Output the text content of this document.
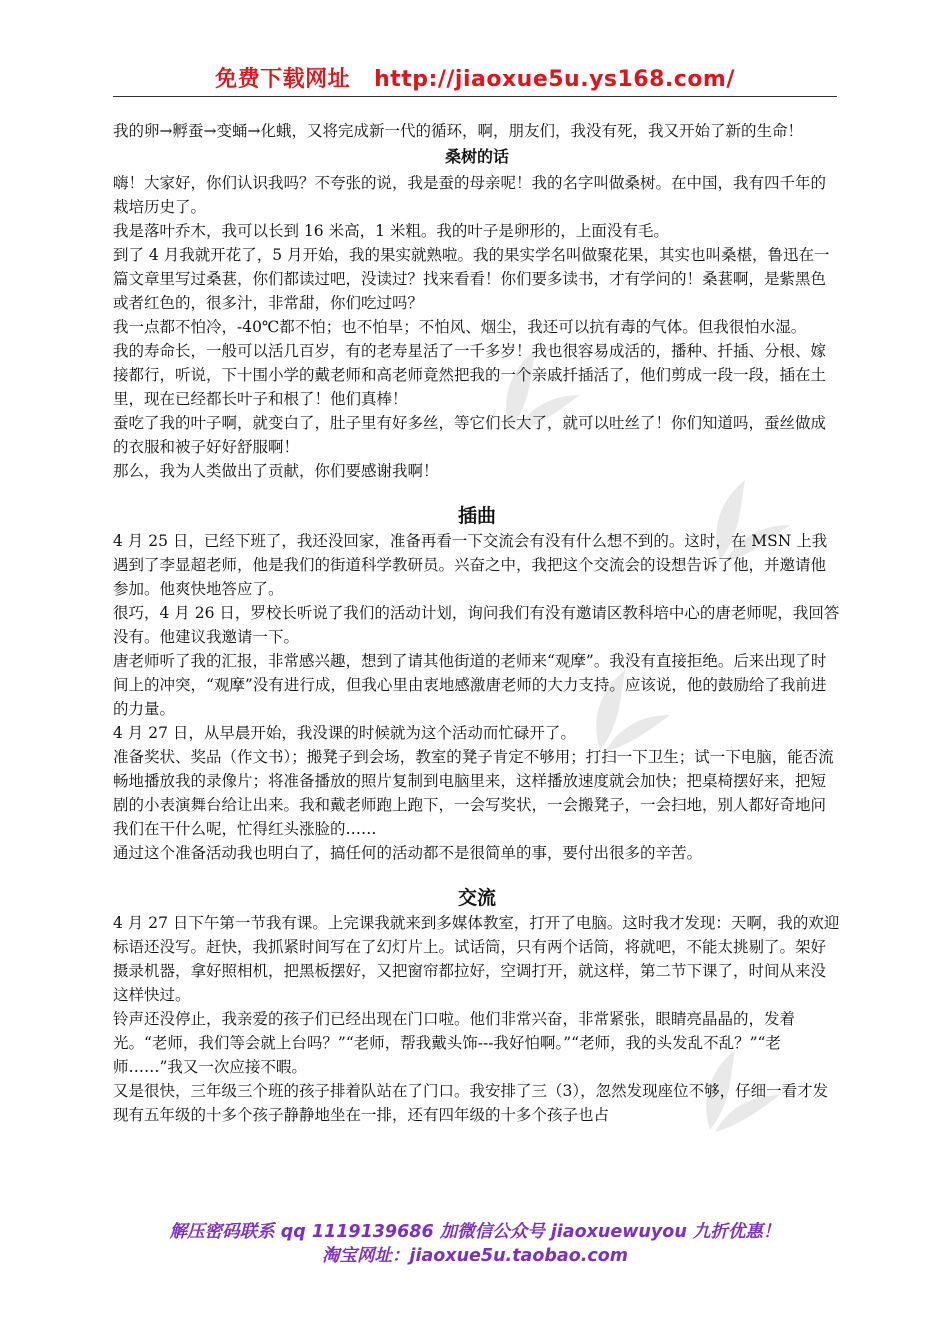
免费下载网址 http://jiaoxue5u.ys168.com/

我的卵→孵蚕→变蛹→化蛾，又将完成新一代的循环，啊，朋友们，我没有死，我又开始了新的生命！

桑树的话

嗨！大家好，你们认识我吗？不夸张的说，我是蚕的母亲呢！我的名字叫做桑树。在中国，我有四千年的栽培历史了。

我是落叶乔木，我可以长到 16 米高，1 米粗。我的叶子是卵形的，上面没有毛。

到了 4 月我就开花了，5 月开始，我的果实就熟啦。我的果实学名叫做聚花果，其实也叫桑椹，鲁迅在一篇文章里写过桑葚，你们都读过吧，没读过？找来看看！你们要多读书，才有学问的！桑葚啊，是紫黑色或者红色的，很多汁，非常甜，你们吃过吗？

我一点都不怕冷，-40℃都不怕；也不怕旱；不怕风、烟尘，我还可以抗有毒的气体。但我很怕水湿。

我的寿命长，一般可以活几百岁，有的老寿星活了一千多岁！我也很容易成活的，播种、扦插、分根、嫁接都行，听说，下十围小学的戴老师和高老师竟然把我的一个亲戚扦插活了，他们剪成一段一段，插在土里，现在已经都长叶子和根了！他们真棒！

蚕吃了我的叶子啊，就变白了，肚子里有好多丝，等它们长大了，就可以吐丝了！你们知道吗，蚕丝做成的衣服和被子好好舒服啊！

那么，我为人类做出了贡献，你们要感谢我啊！

插曲

4 月 25 日，已经下班了，我还没回家，准备再看一下交流会有没有什么想不到的。这时，在 MSN 上我遇到了李显超老师，他是我们的街道科学教研员。兴奋之中，我把这个交流会的设想告诉了他，并邀请他参加。他爽快地答应了。

很巧，4 月 26 日，罗校长听说了我们的活动计划，询问我们有没有邀请区教科培中心的唐老师呢，我回答没有。他建议我邀请一下。

唐老师听了我的汇报，非常感兴趣，想到了请其他街道的老师来“观摩”。我没有直接拒绝。后来出现了时间上的冲突，“观摩”没有进行成，但我心里由衷地感激唐老师的大力支持。应该说，他的鼓励给了我前进的力量。

4 月 27 日，从早晨开始，我没课的时候就为这个活动而忙碌开了。

准备奖状、奖品（作文书）；搬凳子到会场，教室的凳子肯定不够用；打扫一下卫生；试一下电脑，能否流畅地播放我的录像片；将准备播放的照片复制到电脑里来，这样播放速度就会加快；把桌椅摆好来，把短剧的小表演舞台给让出来。我和戴老师跑上跑下，一会写奖状，一会搬凳子，一会扫地，别人都好奇地问我们在干什么呢，忙得红头涨脸的……

通过这个准备活动我也明白了，搞任何的活动都不是很简单的事，要付出很多的辛苦。

交流

4 月 27 日下午第一节我有课。上完课我就来到多媒体教室，打开了电脑。这时我才发现：天啊，我的欢迎标语还没写。赶快，我抓紧时间写在了幻灯片上。试话筒，只有两个话筒，将就吧，不能太挑剔了。架好摄录机器，拿好照相机，把黑板摆好，又把窗帘都拉好，空调打开，就这样，第二节下课了，时间从来没这样快过。

铃声还没停止，我亲爱的孩子们已经出现在门口啦。他们非常兴奋，非常紧张，眼睛亮晶晶的，发着光。“老师，我们等会就上台吗？”“老师，帮我戴头饰---我好怕啊。”“老师，我的头发乱不乱？”“老师……”我又一次应接不暇。

又是很快，三年级三个班的孩子排着队站在了门口。我安排了三（3），忽然发现座位不够，仔细一看才发现有五年级的十多个孩子静静地坐在一排，还有四年级的十多个孩子也占

解压密码联系 qq 1119139686 加微信公众号 jiaoxuewuyou 九折优惠！
淘宝网址：jiaoxue5u.taobao.com
